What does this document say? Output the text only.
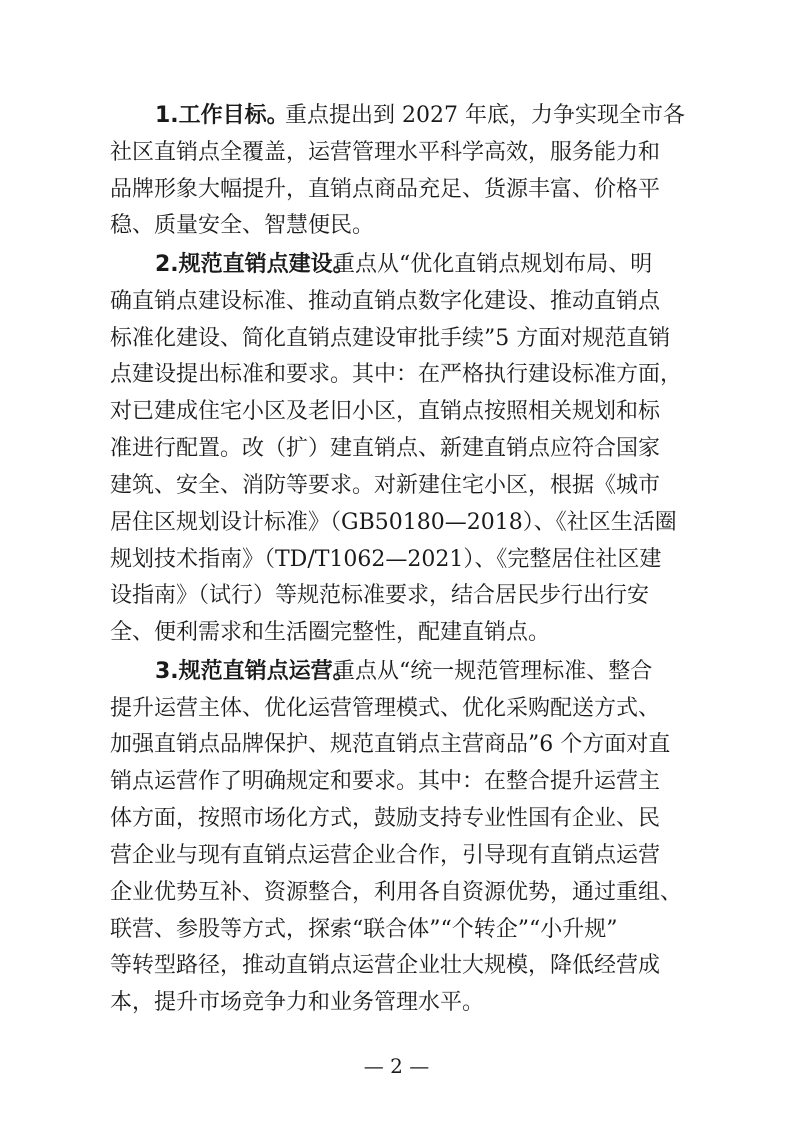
1.工作目标。
重点提出到 2027 年底，力争实现全市各

社区直销点全覆盖，运营管理水平科学高效，服务能力和

品牌形象大幅提升，直销点商品充足、货源丰富、价格平

稳、质量安全、智慧便民。

2.规范直销点建设。
重点从“优化直销点规划布局、明

确直销点建设标准、推动直销点数字化建设、推动直销点

标准化建设、简化直销点建设审批手续”5 方面对规范直销

点建设提出标准和要求。其中：在严格执行建设标准方面，

对已建成住宅小区及老旧小区，直销点按照相关规划和标

准进行配置。改（扩）建直销点、新建直销点应符合国家

建筑、安全、消防等要求。对新建住宅小区，根据《城市

居住区规划设计标准》（GB50180—2018）、《社区生活圈

规划技术指南》（TD/T1062—2021）、《完整居住社区建

设指南》（试行）等规范标准要求，结合居民步行出行安

全、便利需求和生活圈完整性，配建直销点。

3.规范直销点运营。
重点从“统一规范管理标准、整合

提升运营主体、优化运营管理模式、优化采购配送方式、

加强直销点品牌保护、规范直销点主营商品”6 个方面对直

销点运营作了明确规定和要求。其中：在整合提升运营主

体方面，按照市场化方式，鼓励支持专业性国有企业、民

营企业与现有直销点运营企业合作，引导现有直销点运营

企业优势互补、资源整合，利用各自资源优势，通过重组、

联营、参股等方式，探索“联合体”“个转企”“小升规”

等转型路径，推动直销点运营企业壮大规模，降低经营成

本，提升市场竞争力和业务管理水平。

— 2 —
